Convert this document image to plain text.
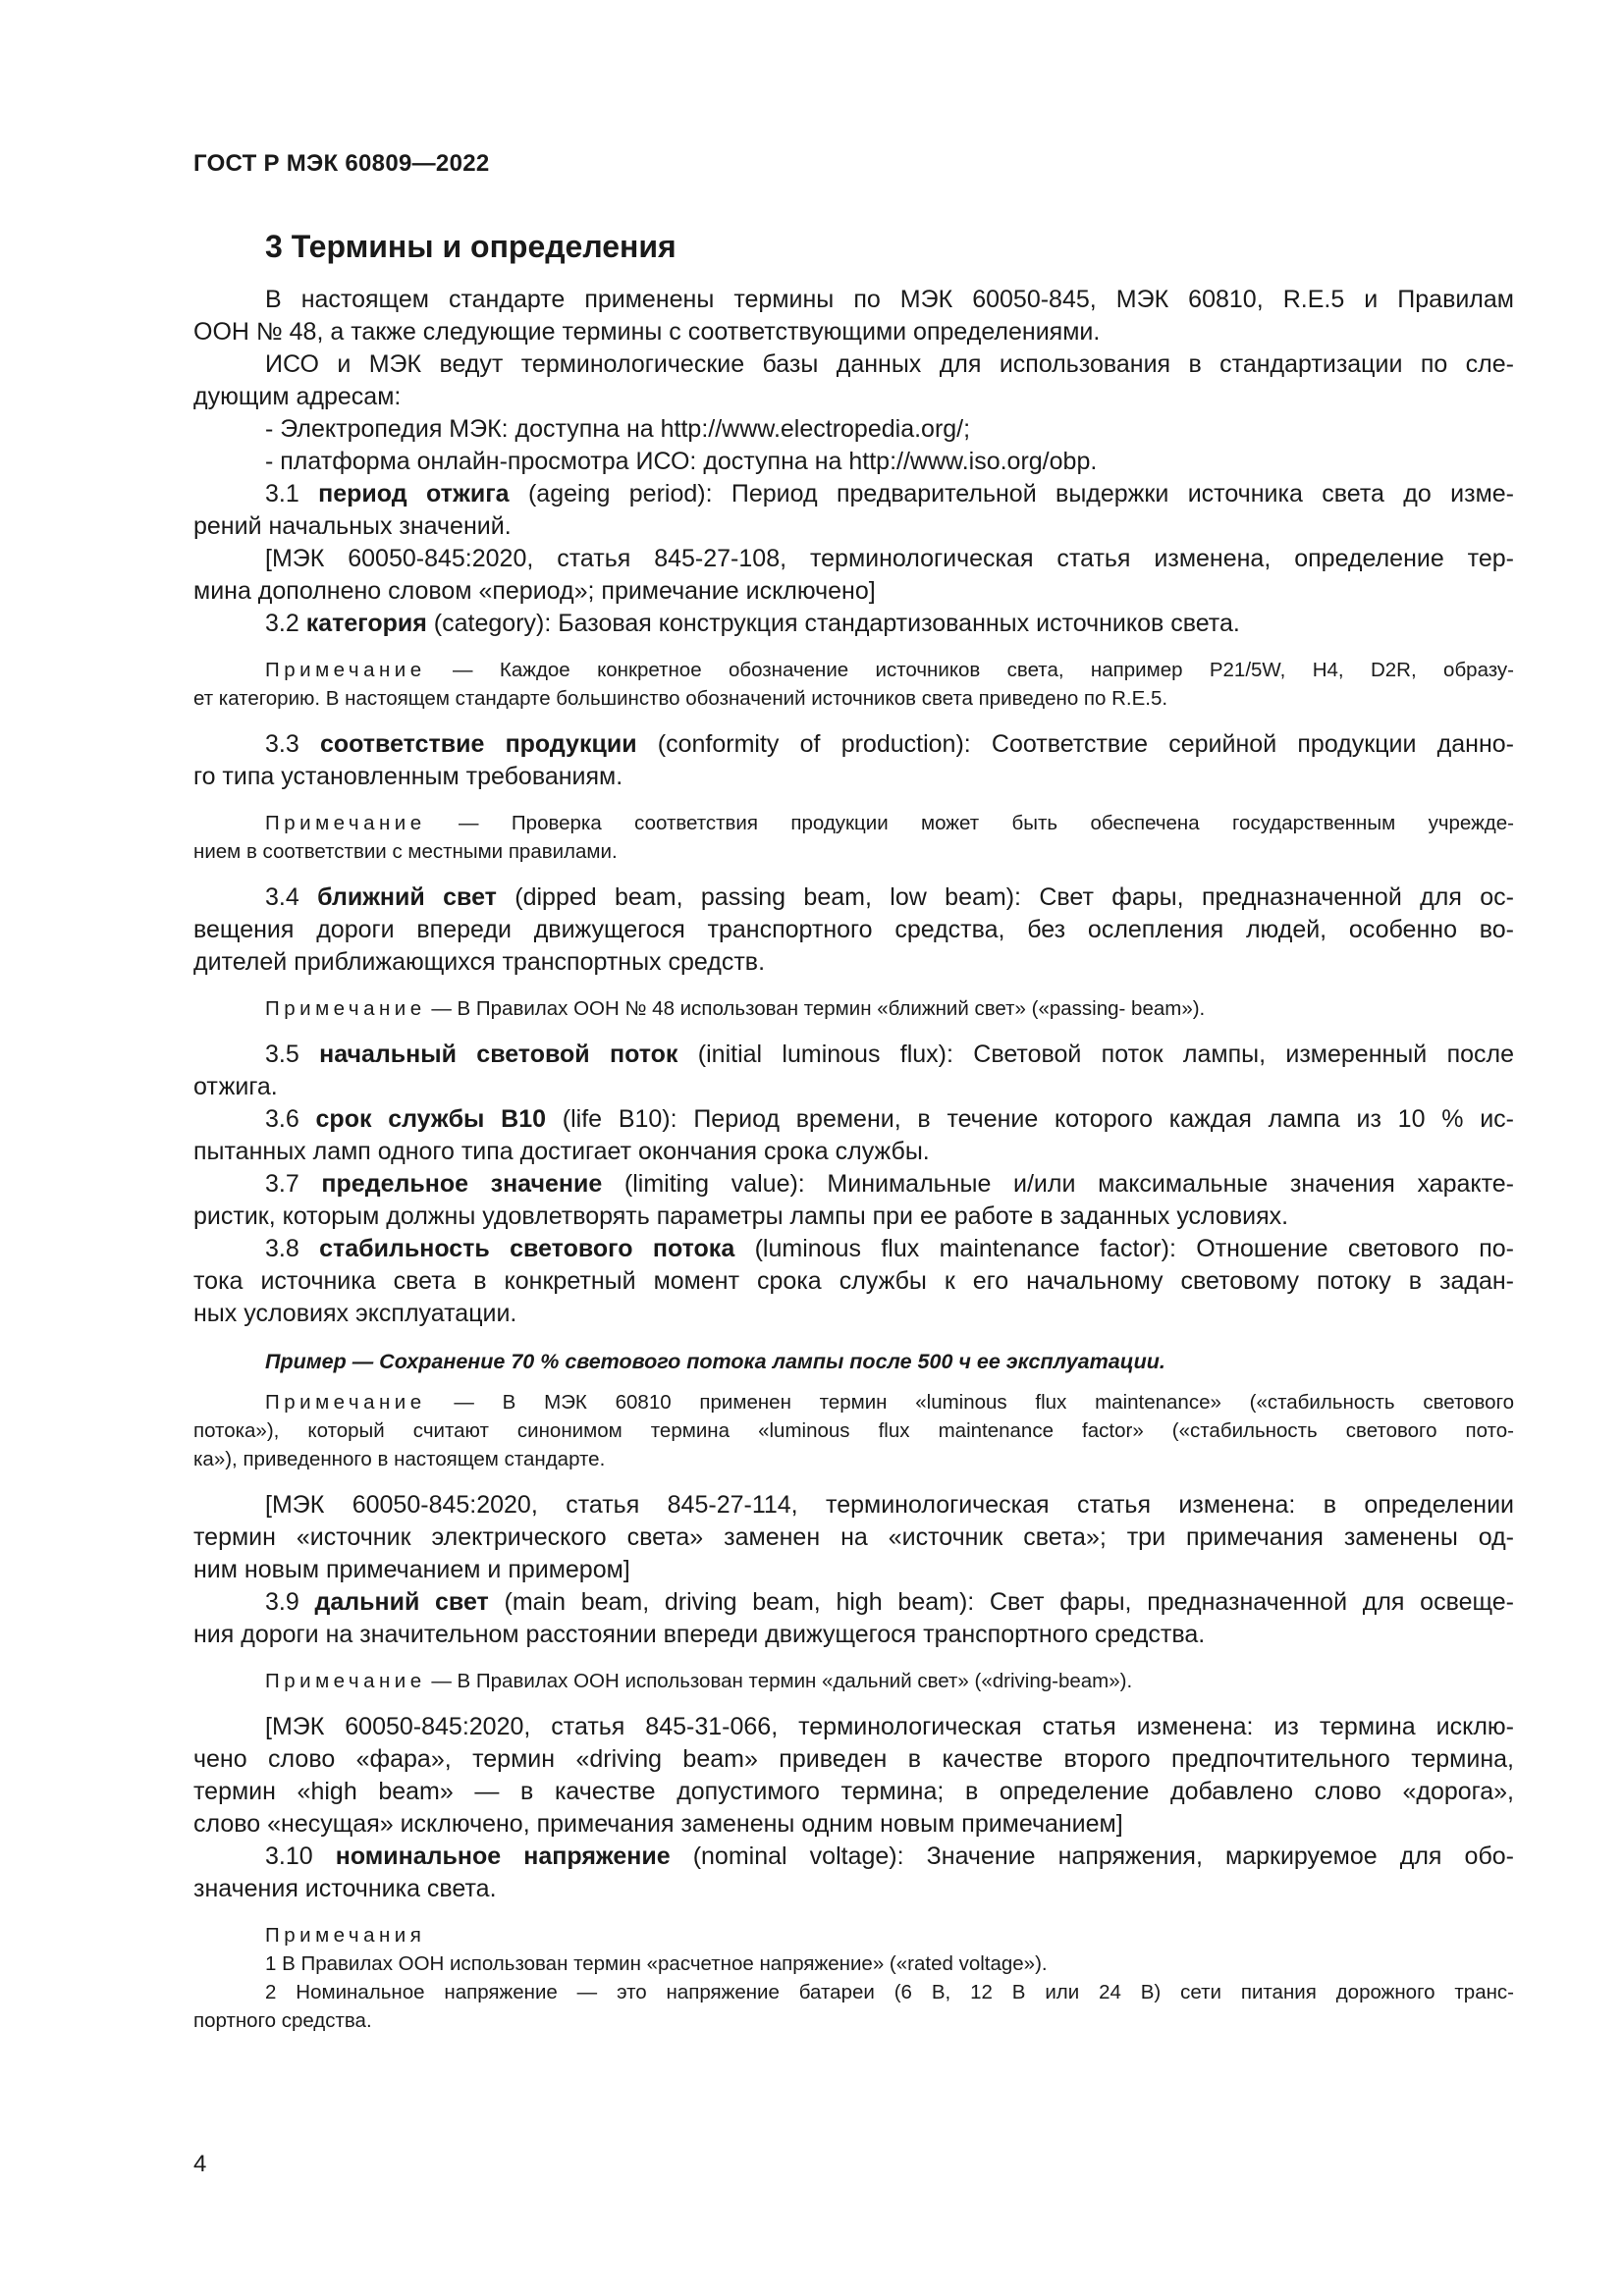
ГОСТ Р МЭК 60809—2022
3 Термины и определения
В настоящем стандарте применены термины по МЭК 60050-845, МЭК 60810, R.E.5 и Правилам
ООН № 48, а также следующие термины с соответствующими определениями.
ИСО и МЭК ведут терминологические базы данных для использования в стандартизации по сле-
дующим адресам:
- Электропедия МЭК: доступна на http://www.electropedia.org/;
- платформа онлайн-просмотра ИСО: доступна на http://www.iso.org/obp.
3.1 период отжига (ageing period): Период предварительной выдержки источника света до изме-
рений начальных значений.
[МЭК 60050-845:2020, статья 845-27-108, терминологическая статья изменена, определение тер-
мина дополнено словом «период»; примечание исключено]
3.2 категория (category): Базовая конструкция стандартизованных источников света.
Примечание — Каждое конкретное обозначение источников света, например Р21/5W, Н4, D2R, образу-
ет категорию. В настоящем стандарте большинство обозначений источников света приведено по R.E.5.
3.3 соответствие продукции (conformity of production): Соответствие серийной продукции данно-
го типа установленным требованиям.
Примечание — Проверка соответствия продукции может быть обеспечена государственным учрежде-
нием в соответствии с местными правилами.
3.4 ближний свет (dipped beam, passing beam, low beam): Свет фары, предназначенной для ос-
вещения дороги впереди движущегося транспортного средства, без ослепления людей, особенно во-
дителей приближающихся транспортных средств.
Примечание — В Правилах ООН № 48 использован термин «ближний свет» («passing- beam»).
3.5 начальный световой поток (initial luminous flux): Световой поток лампы, измеренный после
отжига.
3.6 срок службы В10 (life В10): Период времени, в течение которого каждая лампа из 10 % ис-
пытанных ламп одного типа достигает окончания срока службы.
3.7 предельное значение (limiting value): Минимальные и/или максимальные значения характе-
ристик, которым должны удовлетворять параметры лампы при ее работе в заданных условиях.
3.8 стабильность светового потока (luminous flux maintenance factor): Отношение светового по-
тока источника света в конкретный момент срока службы к его начальному световому потоку в задан-
ных условиях эксплуатации.
Пример — Сохранение 70 % светового потока лампы после 500 ч ее эксплуатации.
Примечание — В МЭК 60810 применен термин «luminous flux maintenance» («стабильность светового
потока»), который считают синонимом термина «luminous flux maintenance factor» («стабильность светового пото-
ка»), приведенного в настоящем стандарте.
[МЭК 60050-845:2020, статья 845-27-114, терминологическая статья изменена: в определении
термин «источник электрического света» заменен на «источник света»; три примечания заменены од-
ним новым примечанием и примером]
3.9 дальний свет (main beam, driving beam, high beam): Свет фары, предназначенной для освеще-
ния дороги на значительном расстоянии впереди движущегося транспортного средства.
Примечание — В Правилах ООН использован термин «дальний свет» («driving-beam»).
[МЭК 60050-845:2020, статья 845-31-066, терминологическая статья изменена: из термина исклю-
чено слово «фара», термин «driving beam» приведен в качестве второго предпочтительного термина,
термин «high beam» — в качестве допустимого термина; в определение добавлено слово «дорога»,
слово «несущая» исключено, примечания заменены одним новым примечанием]
3.10 номинальное напряжение (nominal voltage): Значение напряжения, маркируемое для обо-
значения источника света.
Примечания
1 В Правилах ООН использован термин «расчетное напряжение» («rated voltage»).
2 Номинальное напряжение — это напряжение батареи (6 В, 12 В или 24 В) сети питания дорожного транс-
портного средства.
4
